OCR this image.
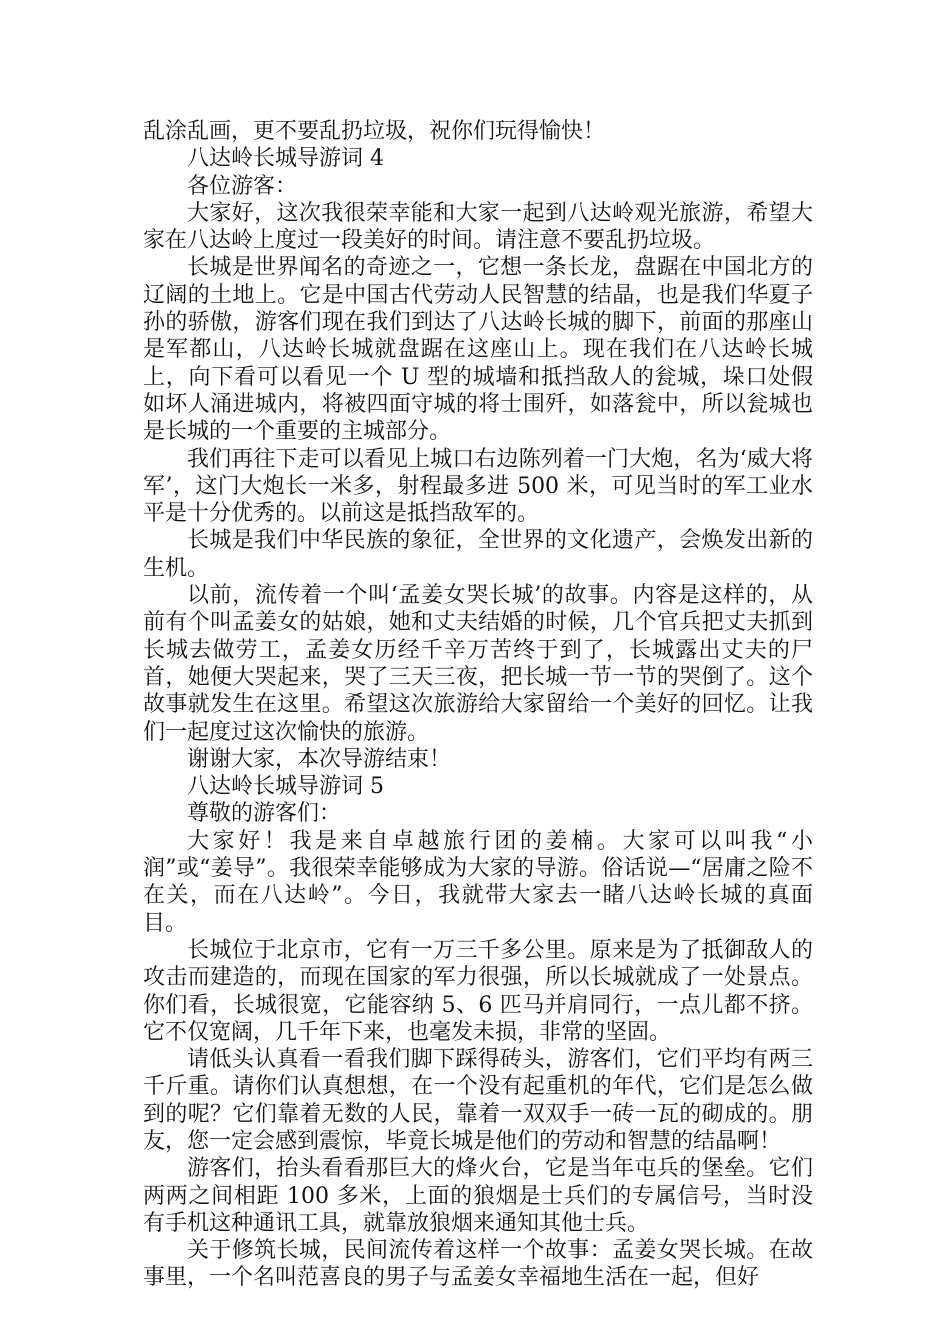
乱涂乱画，更不要乱扔垃圾，祝你们玩得愉快！

八达岭长城导游词 4

各位游客：

大家好，这次我很荣幸能和大家一起到八达岭观光旅游，希望大家在八达岭上度过一段美好的时间。请注意不要乱扔垃圾。

长城是世界闻名的奇迹之一，它想一条长龙，盘踞在中国北方的辽阔的土地上。它是中国古代劳动人民智慧的结晶，也是我们华夏子孙的骄傲，游客们现在我们到达了八达岭长城的脚下，前面的那座山是军都山，八达岭长城就盘踞在这座山上。现在我们在八达岭长城上，向下看可以看见一个 U 型的城墙和抵挡敌人的瓮城，垛口处假如坏人涌进城内，将被四面守城的将士围歼，如落瓮中，所以瓮城也是长城的一个重要的主城部分。

我们再往下走可以看见上城口右边陈列着一门大炮，名为‘威大将军’，这门大炮长一米多，射程最多进 500 米，可见当时的军工业水平是十分优秀的。以前这是抵挡敌军的。

长城是我们中华民族的象征，全世界的文化遗产，会焕发出新的生机。

以前，流传着一个叫‘孟姜女哭长城’的故事。内容是这样的，从前有个叫孟姜女的姑娘，她和丈夫结婚的时候，几个官兵把丈夫抓到长城去做劳工，孟姜女历经千辛万苦终于到了，长城露出丈夫的尸首，她便大哭起来，哭了三天三夜，把长城一节一节的哭倒了。这个故事就发生在这里。希望这次旅游给大家留给一个美好的回忆。让我们一起度过这次愉快的旅游。

谢谢大家，本次导游结束！

八达岭长城导游词 5

尊敬的游客们：

大家好！我是来自卓越旅行团的姜楠。大家可以叫我“小润”或“姜导”。我很荣幸能够成为大家的导游。俗话说—“居庸之险不在关，而在八达岭”。今日，我就带大家去一睹八达岭长城的真面目。

长城位于北京市，它有一万三千多公里。原来是为了抵御敌人的攻击而建造的，而现在国家的军力很强，所以长城就成了一处景点。你们看，长城很宽，它能容纳 5、6 匹马并肩同行，一点儿都不挤。它不仅宽阔，几千年下来，也毫发未损，非常的坚固。

请低头认真看一看我们脚下踩得砖头，游客们，它们平均有两三千斤重。请你们认真想想，在一个没有起重机的年代，它们是怎么做到的呢？它们靠着无数的人民，靠着一双双手一砖一瓦的砌成的。朋友，您一定会感到震惊，毕竟长城是他们的劳动和智慧的结晶啊！

游客们，抬头看看那巨大的烽火台，它是当年屯兵的堡垒。它们两两之间相距 100 多米，上面的狼烟是士兵们的专属信号，当时没有手机这种通讯工具，就靠放狼烟来通知其他士兵。

关于修筑长城，民间流传着这样一个故事：孟姜女哭长城。在故事里，一个名叫范喜良的男子与孟姜女幸福地生活在一起，但好
